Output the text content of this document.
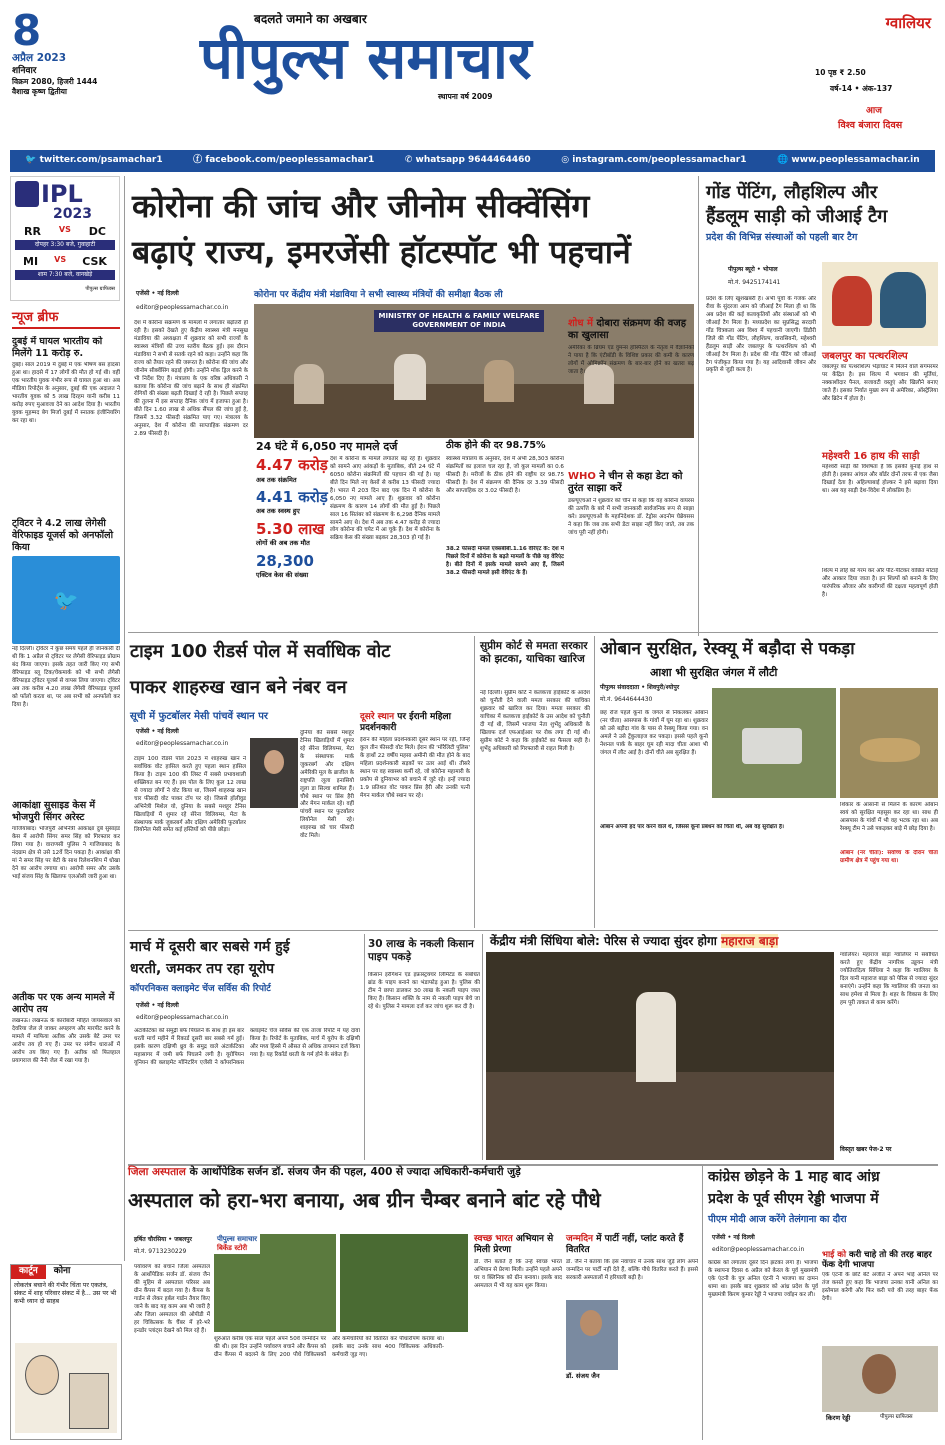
8
अप्रैल 2023
शनिवार
विक्रम 2080, हिजरी 1444
वैशाख कृष्ण द्वितीया
बदलते जमाने का अखबार
पीपुल्स समाचार
स्थापना वर्ष 2009
ग्वालियर
10 पृष्ठ ₹ 2.50
वर्ष-14 • अंक-137
आज
विश्व बंजारा दिवस
🐦 twitter.com/psamachar1	ⓕ facebook.com/peoplessamachar1	✆ whatsapp 9644464460	◎ instagram.com/peoplessamachar1	🌐 www.peoplessamachar.in
IPL
2023
RR VS DC
दोपहर 3:30 बजे, गुवाहाटी
MI VS CSK
शाम 7:30 बजे, वानखेड़े
पीपुल्स ग्राफिक्स
न्यूज ब्रीफ
दुबई में घायल भारतीय को मिलेंगे 11 करोड़ रु.
दुबई। साल 2019 में दुबई में एक भीषण बस हादसा हुआ था। हादसे में 17 लोगों की मौत हो गई थी। वहीं एक भारतीय युवक गंभीर रूप से घायल हुआ था। अब मीडिया रिपोर्ट्स के अनुसार, दुबई की एक अदालत ने भारतीय युवक को 5 लाख दिरहम यानी करीब 11 करोड़ रुपए मुआवजा देने का आदेश दिया है। भारतीय युवक मुहम्मद बेग मिर्जा दुबई में स्नातक इंजीनियरिंग कर रहा था।
ट्विटर ने 4.2 लाख लेगेसी वेरिफाइड यूजर्स को अनफॉलो किया
🐦
नई दिल्ली। ट्विटर ने कुछ समय पहले ही जानकारी दी थी कि 1 अप्रैल से ट्विटर पर लेगेसी वेरिफाइड प्रोग्राम बंद किया जाएगा। इसके तहत जारी किए गए सभी वेरिफाइड ब्लू टिक/चेकमार्क को भी सभी लेगेसी वेरिफाइड ट्विटर यूजर्स से वापस लिया जाएगा। ट्विटर अब तक करीब 4.20 लाख लेगेसी वेरिफाइड यूजर्स को फॉलो करता था, पर अब सभी को अनफॉलो कर दिया है।
आकांक्षा सुसाइड केस में भोजपुरी सिंगर अरेस्ट
गाजियाबाद। भोजपुरी अभिनेत्री आकांक्षा दुबे सुसाइड केस में आरोपी सिंगर समर सिंह को गिरफ्तार कर लिया गया है। वाराणसी पुलिस ने गाजियाबाद के नंदग्राम क्षेत्र से उसे 12वें दिन पकड़ा है। आकांक्षा की मां ने समर सिंह पर बेटी के साथ रिलेशनशिप में धोखा देने का आरोप लगाया था। आरोपी समर और उसके भाई संजय सिंह के खिलाफ एलओसी जारी हुआ था।
अतीक पर एक अन्य मामले में आरोप तय
लखनऊ। लखनऊ के कारोबारी मोहित जायसवाल को देवरिया जेल ले जाकर अपहरण और मारपीट करने के मामले में माफिया अतीक और उसके बेटे उमर पर आरोप तय हो गए हैं। उमर पर संगीन धाराओं में आरोप तय किए गए हैं। अतीक को फिलहाल प्रयागराज की नैनी जेल में रखा गया है।
कोरोना की जांच और जीनोम सीक्वेंसिंग
बढ़ाएं राज्य, इमरजेंसी हॉटस्पॉट भी पहचानें
एजेंसी • नई दिल्ली
editor@peoplessamachar.co.in
कोरोना पर केंद्रीय मंत्री मंडाविया ने सभी स्वास्थ्य मंत्रियों की समीक्षा बैठक ली
MINISTRY OF HEALTH & FAMILY WELFARE GOVERNMENT OF INDIA
देश में कोरोना संक्रमण के मामलों में लगातार बढ़ोतरी हो रही है। इसको देखते हुए केंद्रीय स्वास्थ्य मंत्री मनसुख मंडाविया की अध्यक्षता में शुक्रवार को सभी राज्यों के स्वास्थ्य मंत्रियों की उच्च स्तरीय बैठक हुई। इस दौरान मंडाविया ने सभी से सतर्क रहने को कहा। उन्होंने कहा कि राज्य को तैयार रहने की जरूरत है। कोरोना की जांच और जीनोम सीक्वेंसिंग बढ़ाई होगी। उन्होंने मॉक ड्रिल करने के भी निर्देश दिए हैं। मंत्रालय के एक वरिष्ठ अधिकारी ने बताया कि कोरोना की जांच बढ़ाने के साथ ही संक्रमित रोगियों की संख्या बढ़ती दिखाई दे रही है। पिछले सप्ताह की तुलना में इस सप्ताह दैनिक जांच में इजाफा हुआ है। बीते दिन 1.60 लाख से अधिक सैंपल की जांच हुई है, जिसमें 3.32 फीसदी संक्रमित पाए गए। मंत्रालय के अनुसार, देश में कोरोना की साप्ताहिक संक्रमण दर 2.89 फीसदी है।
24 घंटे में 6,050 नए मामले दर्ज
4.47 करोड़
अब तक संक्रमित
4.41 करोड़
अब तक स्वस्थ हुए
5.30 लाख
लोगों की अब तक मौत
28,300
एक्टिव केस की संख्या
देश में कोरोना के मामले लगातार बढ़ रहे हैं। शुक्रवार को सामने आए आंकड़ों के मुताबिक, बीते 24 घंटे में 6050 कोरोना संक्रमितों की पहचान की गई है। यह बीते दिन मिले नए केसों से करीब 13 फीसदी ज्यादा है। भारत में 203 दिन बाद एक दिन में कोरोना के 6,050 नए मामले आए हैं। शुक्रवार को कोरोना संक्रमण के कारण 14 लोगों की मौत हुई है। पिछले साल 16 सितंबर को संक्रमण के 6,298 दैनिक मामले सामने आए थे। देश में अब तक 4.47 करोड़ से ज्यादा लोग कोरोना की चपेट में आ चुके हैं। देश में कोरोना के सक्रिय केस की संख्या बढ़कर 28,303 हो गई है।
ठीक होने की दर 98.75%
स्वास्थ्य मंत्रालय के अनुसार, देश में अभी 28,303 कोरोना संक्रमितों का इलाज चल रहा है, जो कुल मामलों का 0.6 फीसदी है। मरीजों के ठीक होने की राष्ट्रीय दर 98.75 फीसदी है। देश में संक्रमण की दैनिक दर 3.39 फीसदी और साप्ताहिक दर 3.02 फीसदी है।
38.2 फीसदी मामले एक्सबीबी.1.16 वेरिएंट के: देश में पिछले दिनों में कोरोना के बढ़ते मामलों के पीछे यह वेरिएंट है। बीते दिनों में इसके मामले सामने आए हैं, जिसमें 38.2 फीसदी मामले इसी वेरिएंट के हैं।
शोध में दोबारा संक्रमण की वजह का खुलासा
अमेरिका के ब्रिघम एंड वुमन्स हॉस्पिटल के नेतृत्व में वैज्ञानिकों ने पाया है कि एंटीबॉडी के विशिष्ट प्रकार की कमी के कारण लोगों में ओमिक्रॉन संक्रमण के बार-बार होने का खतरा बढ़ जाता है।
WHO ने चीन से कहा डेटा को तुरंत साझा करें
डब्ल्यूएचओ ने शुक्रवार को चीन से कहा कि वह कोरोना वायरस की उत्पत्ति के बारे में सभी जानकारी सार्वजनिक रूप से साझा करे। डब्ल्यूएचओ के महानिदेशक डॉ. टेड्रोस अदनोम घेब्रेयसस ने कहा कि जब तक सभी डेटा साझा नहीं किए जाते, तब तक जांच पूरी नहीं होगी।
गोंड पेंटिंग, लौहशिल्प और
हैंडलूम साड़ी को जीआई टैग
प्रदेश की विभिन्न संस्थाओं को पहली बार टैग
पीपुल्स ब्यूरो • भोपाल
मो.नं. 9425174141
प्रदेश के लिए खुशखबरी है। अभी पूर्वा के गजक और रीवा के सुंदरजा आम को जीआई टैग मिला ही था कि अब प्रदेश की कई कलाकृतियों और संस्थाओं को भी जीआई टैग मिला है। मध्यप्रदेश का सुप्रसिद्ध सरदारी गोंड चित्रकला अब विश्व में पहचानी जाएगी। डिंडौरी जिले की गोंड पेंटिंग, लौहशिल्प, वारासिवनी, महेश्वरी हैंडलूम साड़ी और जबलपुर के पत्थरशिल्प को भी जीआई टैग मिला है। प्रदेश की गोंड पेंटिंग को जीआई टैग पंजीकृत किया गया है। यह आदिवासी जीवन और प्रकृति से जुड़ी कला है।
जबलपुर का पत्थरशिल्प
जबलपुर का पत्थरशिल्प भेड़ाघाट में मिलने वाले संगमरमर पर केंद्रित है। इस शिल्प में भगवान की मूर्तियां, नक्काशीदार पैनल, सजावटी वस्तुएं और खिलौने बनाए जाते हैं। इसका निर्यात मुख्य रूप से अमेरिका, ऑस्ट्रेलिया और ब्रिटेन में होता है।
महेश्वरी 16 हाथ की साड़ी
महेश्वरी साड़ी की विशेषता है कि इसकी बुनाई हाथ से होती है। इसका आंचल और बॉर्डर दोनों तरफ से एक जैसा दिखाई देता है। अहिल्याबाई होल्कर ने इसे बढ़ावा दिया था। अब यह साड़ी देश-विदेश में लोकप्रिय है।
शिल्प में लोहे को गरम कर और पीट-पीटकर वांछित मोटाई और आकार दिया जाता है। इन शिल्पों को बनाने के लिए पारंपरिक औजार और कारीगरों की दक्षता महत्वपूर्ण होती है।
टाइम 100 रीडर्स पोल में सर्वाधिक वोट
पाकर शाहरुख खान बने नंबर वन
सूची में फुटबॉलर मेसी पांचवें स्थान पर
एजेंसी • नई दिल्ली
editor@peoplessamachar.co.in
टाइम 100 रीडर्स पोल 2023 में शाहरुख खान ने सर्वाधिक वोट हासिल करते हुए पहला स्थान हासिल किया है। टाइम 100 की लिस्ट में सबसे प्रभावशाली शख्सियत बन गए हैं। इस पोल के लिए कुल 12 लाख से ज्यादा लोगों ने वोट किया था, जिसमें शाहरुख खान चार फीसदी वोट पाकर टॉप पर रहे। जिससे हॉलीवुड अभिनेत्री मिशेल यो, दुनिया के सबसे मशहूर टेनिस खिलाड़ियों में शुमार रहे सेरेना विलियम्स, मेटा के संस्थापक मार्क जुकरबर्ग और दक्षिण अमेरिकी फुटबॉलर लियोनेल मेसी समेत कई हस्तियों को पीछे छोड़ा।
दुनिया की सबसे मशहूर टेनिस खिलाड़ियों में शुमार रहे सेरेना विलियम्स, मेटा के संस्थापक मार्क जुकरबर्ग और दक्षिण अमेरिकी मूल के ब्राजील के राष्ट्रपति लूला इनासियो लूला डा सिल्वा शामिल हैं। चौथे स्थान पर प्रिंस हैरी और मेगन मार्कल रहे। वहीं पांचवें स्थान पर फुटबॉलर लियोनेल मेसी रहे। शाहरुख को चार फीसदी वोट मिले।
दूसरे स्थान पर ईरानी महिला प्रदर्शनकारी
ईरान की महिला प्रदर्शनकारी दूसरे स्थान पर रहीं, जिन्हें कुल तीन फीसदी वोट मिले। ईरान की 'मोरैलिटी पुलिस' के हाथों 22 वर्षीय महसा अमीनी की मौत होने के बाद महिला प्रदर्शनकारी सड़कों पर उतर आई थीं। तीसरे स्थान पर वह स्वास्थ्य कर्मी रहे, जो कोरोना महामारी के प्रकोप से दुनियाभर को बचाने में जुटे रहे। इन्हें ज्यादा 1.9 प्रतिशत वोट पाकर प्रिंस हैरी और उनकी पत्नी मेगन मार्कल चौथे स्थान पर रहे।
सुप्रीम कोर्ट से ममता सरकार को झटका, याचिका खारिज
नई दिल्ली। सुप्रीम कोर्ट ने कलकत्ता हाईकोर्ट के आदेश को चुनौती देने वाली ममता सरकार की याचिका शुक्रवार को खारिज कर दिया। ममता सरकार की याचिका में कलकत्ता हाईकोर्ट के उस आदेश को चुनौती दी गई थी, जिसमें भाजपा नेता शुभेंदु अधिकारी के खिलाफ दर्ज एफआईआर पर रोक लगा दी गई थी। सुप्रीम कोर्ट ने कहा कि हाईकोर्ट का फैसला सही है। शुभेंदु अधिकारी को गिरफ्तारी से राहत मिली है।
ओबान सुरक्षित, रेस्क्यू में बड़ौदा से पकड़ा
आशा भी सुरक्षित जंगल में लौटी
पीपुल्स संवाददाता • शिवपुरी/श्योपुर
मो.नं. 9644644430
छह रोज पहले कूनो के जंगल से निकलकर ओबान (नर चीता) आसपास के गांवों में घूम रहा था। शुक्रवार को उसे बड़ौदा गांव के पास से रेस्क्यू किया गया। वन अमले ने उसे ट्रेंकुलाइज कर पकड़ा। इससे पहले कूनो नेशनल पार्क के बाहर घूम रही मादा चीता आशा भी जंगल में लौट आई है। दोनों चीते अब सुरक्षित हैं।
ओबान अपनी हद पार करने वाले थे, जिससे कूनो प्रबंधन को चिंता थी, अब वह सुरक्षित है।
शिकार के आसानी से मिलने के कारण ओबान स्वयं को सुरक्षित महसूस कर रहा था। साथ ही आसपास के गांवों में भी वह भटक रहा था। अब रेस्क्यू टीम ने उसे पकड़कर बाड़े में छोड़ दिया है।
ओबान (नर चीता): सर्वोच्च के दौरान चीता ग्रामीण क्षेत्र में पहुंच गया था।
मार्च में दूसरी बार सबसे गर्म हुई
धरती, जमकर तप रहा यूरोप
कॉपरनिकस क्लाइमेट चेंज सर्विस की रिपोर्ट
एजेंसी • नई दिल्ली
editor@peoplessamachar.co.in
अंटार्कटिका को समुद्री बर्फ पिघलने के साथ ही इस बार धरती मार्च महीने में रिकार्ड दूसरी बार सबसे गर्म हुई। इसके कारण दक्षिणी ध्रुव के समुद्र वाले अंटार्कटिका महासागर में जमी बर्फ पिघलने लगी है। यूरोपियन यूनियन की क्लाइमेट मॉनिटरिंग एजेंसी ने कॉपरनिकस क्लाइमेट चेंज सर्विस की एक ताजा रिपोर्ट में यह दावा किया है। रिपोर्ट के मुताबिक, मार्च में यूरोप के दक्षिणी और मध्य हिस्से में औसत से अधिक तापमान दर्ज किया गया है। यह रिकॉर्ड धरती के गर्म होने के संकेत हैं।
30 लाख के नकली किसान पाइप पकड़े
किसान इरीगेशन एंड इंफ्रास्ट्रक्चर लिमिटेड के संबंधित ब्रांड के पाइप बनाने का भंडाफोड़ हुआ है। पुलिस की टीम ने छापा डालकर 30 लाख के नकली पाइप जब्त किए हैं। किसान शक्ति के नाम से नकली पाइप बेचे जा रहे थे। पुलिस ने मामला दर्ज कर जांच शुरू कर दी है।
केंद्रीय मंत्री सिंधिया बोले: पेरिस से ज्यादा सुंदर होगा महाराज बाड़ा
ग्वालियर। महाराज बाड़ा ग्वालियर में संबोधित करते हुए केंद्रीय नागरिक उड्डयन मंत्री ज्योतिरादित्य सिंधिया ने कहा कि ग्वालियर के दिल यानी महाराज बाड़ा को पेरिस से ज्यादा सुंदर बनाएंगे। उन्होंने कहा कि ग्वालियर की जनता का साथ हमेशा से मिला है। शहर के विकास के लिए हम पूरी ताकत से काम करेंगे।
विस्तृत खबर पेज-2 पर
जिला अस्पताल के आर्थोपेडिक सर्जन डॉ. संजय जैन की पहल, 400 से ज्यादा अधिकारी-कर्मचारी जुड़े
अस्पताल को हरा-भरा बनाया, अब ग्रीन चैम्बर बनाने बांट रहे पौधे
कार्टून	कोना
लोकतंत्र बचाने की गंभीर चिंता पर एकतंत्र, संकट में शाह परिवार संकट में है... उस पर भी कभी ध्यान दो साहब
हर्षित चौरसिया • जबलपुर
मो.नं. 9713230229
पर्यावरण को बचाने जिला अस्पताल के आर्थोपेडिक सर्जन डॉ. संजय जैन की मुहिम से अस्पताल परिसर अब ग्रीन कैंपस में बदल गया है। कैंपस के गार्डन से लेकर हर्बल गार्डन तैयार किए जाने के बाद यह काम अब भी जारी है और जिला अस्पताल की ओपीडी में हर चिकित्सक के चैंबर में हरे-भरे इनडोर प्लांट्स देखने को मिल रहे हैं।
पीपुल्स समाचार
बिकेंड स्टोरी
शुरुआत करीब एक साल पहले अपने 50वें जन्मदिन पर की थी। इस दिन उन्होंने पर्यावरण बचाने और कैंपस को ग्रीन कैंपस में बदलने के लिए 200 पौधे चिकित्सकों और कर्मचारियों को वितरित कर पौधारोपण कराया था। इसके बाद उनके साथ 400 चिकित्सक अधिकारी-कर्मचारी जुड़ गए।
स्वच्छ भारत अभियान से मिली प्रेरणा
डॉ. जैन बताते हैं कि उन्हें स्वच्छ भारत अभियान से प्रेरणा मिली। उन्होंने पहले अपने घर व क्लिनिक को ग्रीन बनाया। इसके बाद अस्पताल में भी यह काम शुरू किया।
जन्मदिन में पार्टी नहीं, प्लांट करते हैं वितरित
डॉ. जैन ने बताया कि इस नवाचार में उनके साथ जुड़े लोग अपने जन्मदिन पर पार्टी नहीं देते हैं, बल्कि पौधे वितरित करते हैं। इससे सरकारी अस्पतालों में हरियाली बढ़ी है।
डॉ. संजय जैन
कांग्रेस छोड़ने के 1 माह बाद आंध्र
प्रदेश के पूर्व सीएम रेड्डी भाजपा में
पीएम मोदी आज करेंगे तेलंगाना का दौरा
एजेंसी • नई दिल्ली
editor@peoplessamachar.co.in
कांग्रेस को लगातार दूसरे दिन झटका लगा है। भाजपा के स्थापना दिवस 6 अप्रैल को केरल के पूर्व मुख्यमंत्री एके एंटनी के पुत्र अनिल एंटनी ने भाजपा का दामन थामा था। इसके बाद शुक्रवार को आंध्र प्रदेश के पूर्व मुख्यमंत्री किरण कुमार रेड्डी ने भाजपा ज्वॉइन कर ली।
भाई को करी चाहे तो की तरह बाहर फेंक देगी भाजपा
एके एंटनी के छोटे बेटे अजीत ने अपने भाई अनिल पर तंज कसते हुए कहा कि भाजपा उनका यानी अनिल का इस्तेमाल करेगी और फिर करी पत्ते की तरह बाहर फेंक देगी।
किरण रेड्डी	पीपुल्स ग्राफिक्स
